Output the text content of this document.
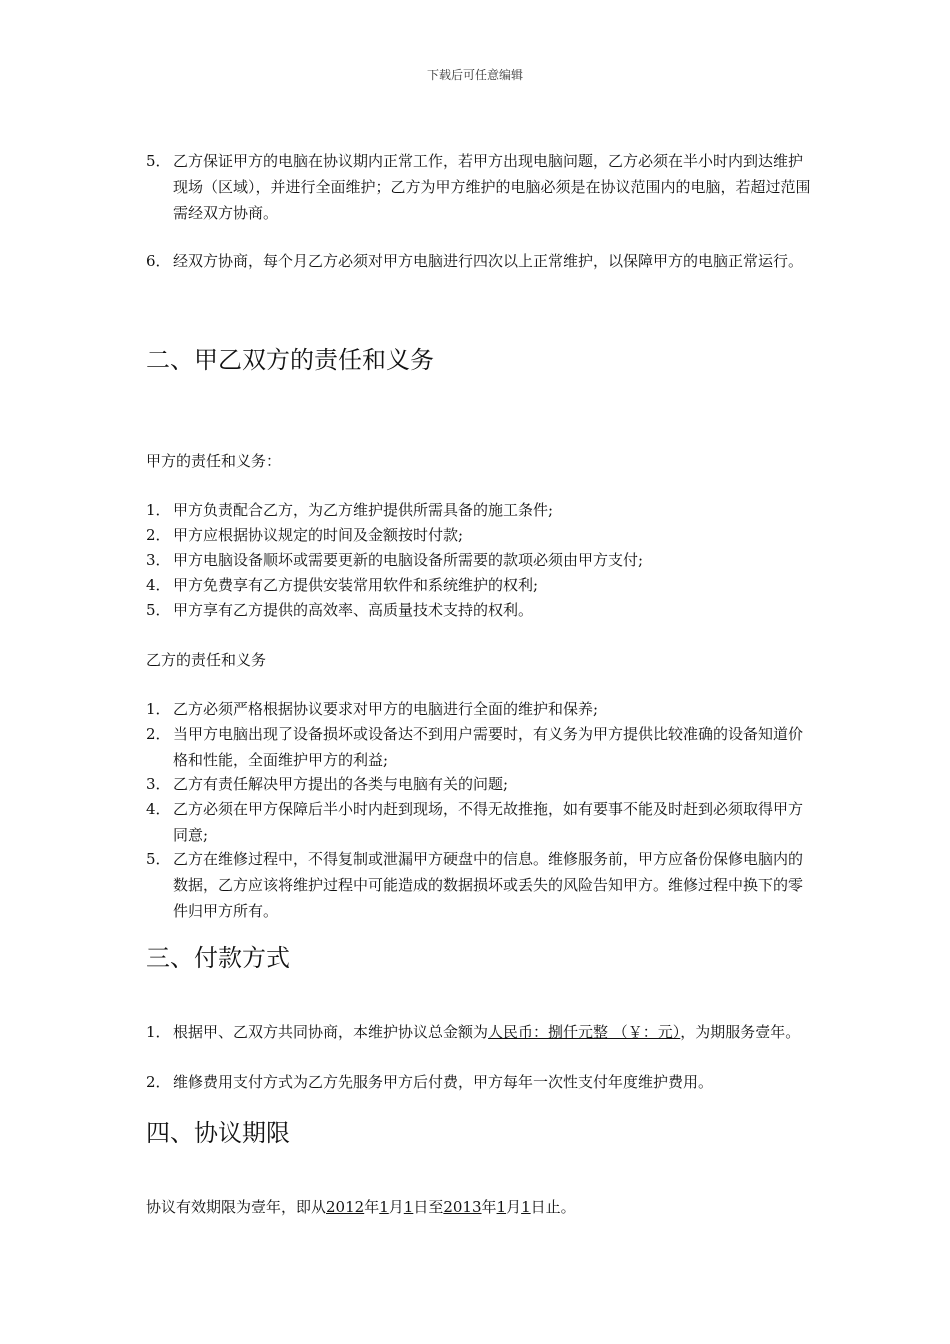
下载后可任意编辑
5． 乙方保证甲方的电脑在协议期内正常工作，若甲方出现电脑问题，乙方必须在半小时内到达维护现场（区域），并进行全面维护；乙方为甲方维护的电脑必须是在协议范围内的电脑，若超过范围需经双方协商。
6． 经双方协商，每个月乙方必须对甲方电脑进行四次以上正常维护，以保障甲方的电脑正常运行。
二、甲乙双方的责任和义务
甲方的责任和义务：
1． 甲方负责配合乙方，为乙方维护提供所需具备的施工条件;
2． 甲方应根据协议规定的时间及金额按时付款;
3． 甲方电脑设备顺坏或需要更新的电脑设备所需要的款项必须由甲方支付;
4． 甲方免费享有乙方提供安装常用软件和系统维护的权利;
5． 甲方享有乙方提供的高效率、高质量技术支持的权利。
乙方的责任和义务
1． 乙方必须严格根据协议要求对甲方的电脑进行全面的维护和保养;
2． 当甲方电脑出现了设备损坏或设备达不到用户需要时，有义务为甲方提供比较准确的设备知道价格和性能，全面维护甲方的利益;
3． 乙方有责任解决甲方提出的各类与电脑有关的问题;
4． 乙方必须在甲方保障后半小时内赶到现场，不得无故推拖，如有要事不能及时赶到必须取得甲方同意;
5． 乙方在维修过程中，不得复制或泄漏甲方硬盘中的信息。维修服务前，甲方应备份保修电脑内的数据，乙方应该将维护过程中可能造成的数据损坏或丢失的风险告知甲方。维修过程中换下的零件归甲方所有。
三、付款方式
1． 根据甲、乙双方共同协商，本维护协议总金额为人民币：捌仟元整 （￥：元），为期服务壹年。
2． 维修费用支付方式为乙方先服务甲方后付费，甲方每年一次性支付年度维护费用。
四、协议期限
协议有效期限为壹年，即从2012年1月1日至2013年1月1日止。
